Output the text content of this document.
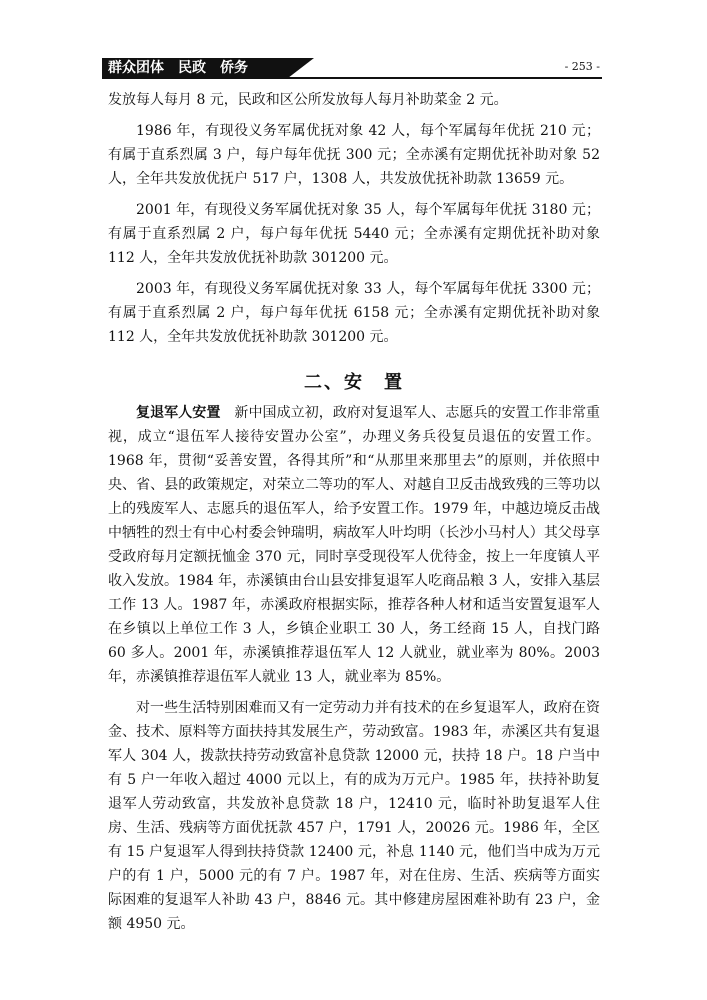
群众团体　民政　侨务	- 253 -

发放每人每月 8 元，民政和区公所发放每人每月补助菜金 2 元。

1986 年，有现役义务军属优抚对象 42 人，每个军属每年优抚 210 元；有属于直系烈属 3 户，每户每年优抚 300 元；全赤溪有定期优抚补助对象 52 人，全年共发放优抚户 517 户，1308 人，共发放优抚补助款 13659 元。

2001 年，有现役义务军属优抚对象 35 人，每个军属每年优抚 3180 元；有属于直系烈属 2 户，每户每年优抚 5440 元；全赤溪有定期优抚补助对象 112 人，全年共发放优抚补助款 301200 元。

2003 年，有现役义务军属优抚对象 33 人，每个军属每年优抚 3300 元；有属于直系烈属 2 户，每户每年优抚 6158 元；全赤溪有定期优抚补助对象 112 人，全年共发放优抚补助款 301200 元。

二、安　置

复退军人安置 新中国成立初，政府对复退军人、志愿兵的安置工作非常重视，成立“退伍军人接待安置办公室”，办理义务兵役复员退伍的安置工作。1968 年，贯彻“妥善安置，各得其所”和“从那里来那里去”的原则，并依照中央、省、县的政策规定，对荣立二等功的军人、对越自卫反击战致残的三等功以上的残废军人、志愿兵的退伍军人，给予安置工作。1979 年，中越边境反击战中牺牲的烈士有中心村委会钟瑞明，病故军人叶均明（长沙小马村人）其父母享受政府每月定额抚恤金 370 元，同时享受现役军人优待金，按上一年度镇人平收入发放。1984 年，赤溪镇由台山县安排复退军人吃商品粮 3 人，安排入基层工作 13 人。1987 年，赤溪政府根据实际，推荐各种人材和适当安置复退军人在乡镇以上单位工作 3 人，乡镇企业职工 30 人，务工经商 15 人，自找门路 60 多人。2001 年，赤溪镇推荐退伍军人 12 人就业，就业率为 80%。2003 年，赤溪镇推荐退伍军人就业 13 人，就业率为 85%。

对一些生活特别困难而又有一定劳动力并有技术的在乡复退军人，政府在资金、技术、原料等方面扶持其发展生产，劳动致富。1983 年，赤溪区共有复退军人 304 人，拨款扶持劳动致富补息贷款 12000 元，扶持 18 户。18 户当中有 5 户一年收入超过 4000 元以上，有的成为万元户。1985 年，扶持补助复退军人劳动致富，共发放补息贷款 18 户，12410 元，临时补助复退军人住房、生活、残病等方面优抚款 457 户，1791 人，20026 元。1986 年，全区有 15 户复退军人得到扶持贷款 12400 元，补息 1140 元，他们当中成为万元户的有 1 户，5000 元的有 7 户。1987 年，对在住房、生活、疾病等方面实际困难的复退军人补助 43 户，8846 元。其中修建房屋困难补助有 23 户，金额 4950 元。
